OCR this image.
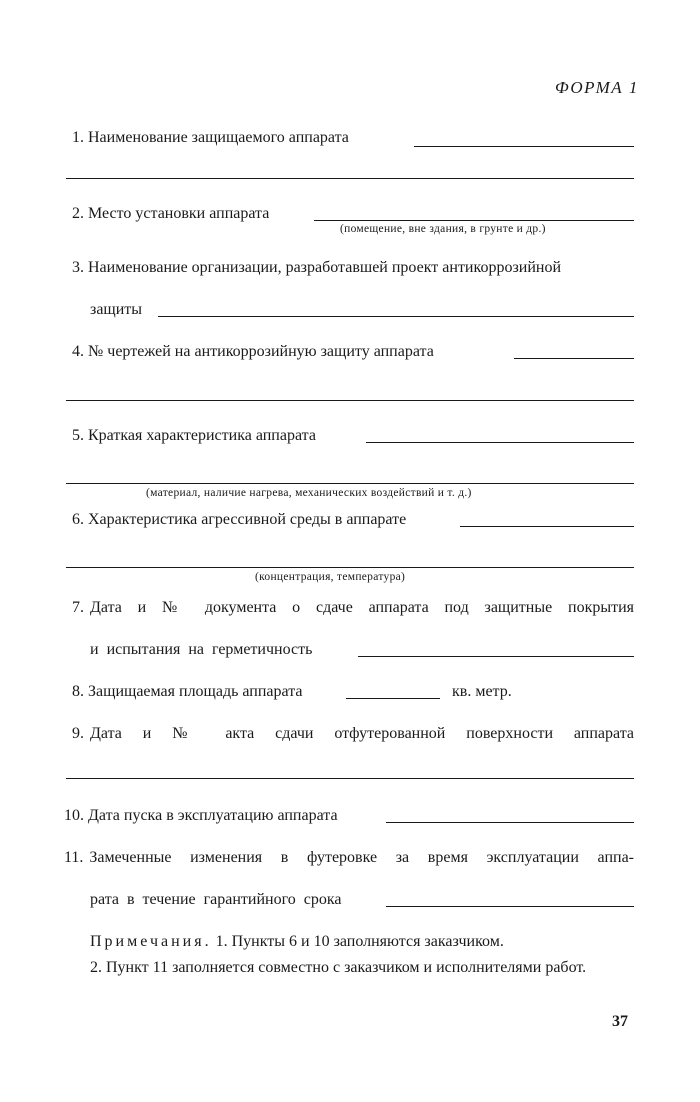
ФОРМА 1
1. Наименование защищаемого аппарата
2. Место установки аппарата
(помещение, вне здания, в грунте и др.)
3. Наименование организации, разработавшей проект антикоррозийной
защиты
4. № чертежей на антикоррозийную защиту аппарата
5. Краткая характеристика аппарата
(материал, наличие нагрева, механических воздействий и т. д.)
6. Характеристика агрессивной среды в аппарате
(концентрация, температура)
7. Дата и № документа о сдаче аппарата под защитные покрытия
и испытания на герметичность
8. Защищаемая площадь аппарата	кв. метр.
9. Дата и № акта сдачи отфутерованной поверхности аппарата
10. Дата пуска в эксплуатацию аппарата
11. Замеченные изменения в футеровке за время эксплуатации аппа-
рата в течение гарантийного срока
Примечания. 1. Пункты 6 и 10 заполняются заказчиком.
2. Пункт 11 заполняется совместно с заказчиком и исполнителями работ.
37
